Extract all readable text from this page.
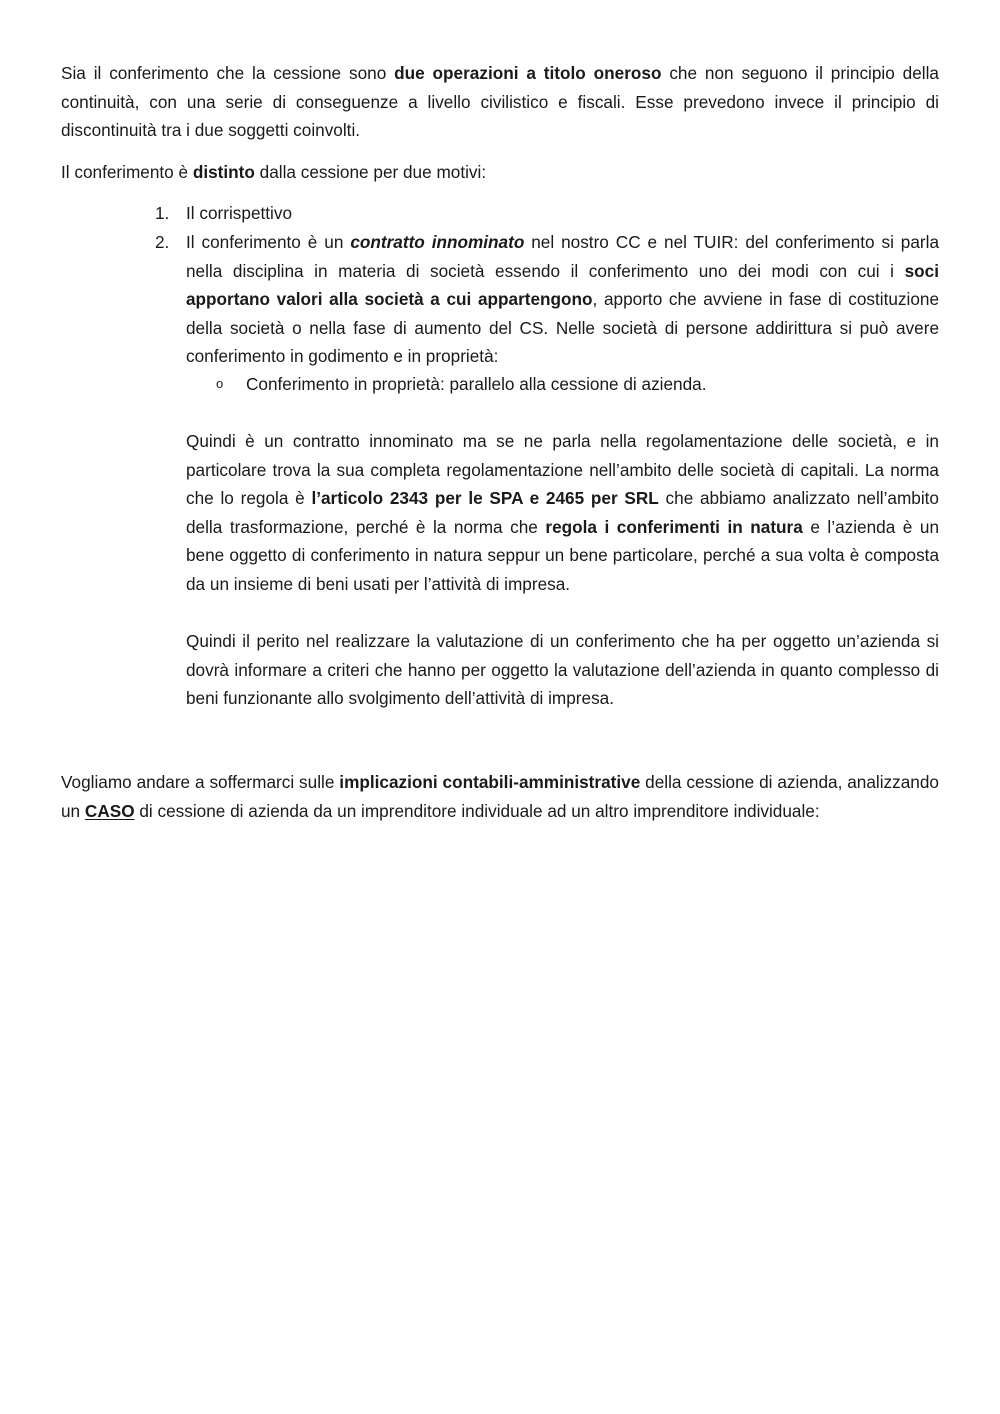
Sia il conferimento che la cessione sono due operazioni a titolo oneroso che non seguono il principio della continuità, con una serie di conseguenze a livello civilistico e fiscali. Esse prevedono invece il principio di discontinuità tra i due soggetti coinvolti.

Il conferimento è distinto dalla cessione per due motivi:

1. Il corrispettivo

2. Il conferimento è un contratto innominato nel nostro CC e nel TUIR: del conferimento si parla nella disciplina in materia di società essendo il conferimento uno dei modi con cui i soci apportano valori alla società a cui appartengono, apporto che avviene in fase di costituzione della società o nella fase di aumento del CS. Nelle società di persone addirittura si può avere conferimento in godimento e in proprietà:

o Conferimento in proprietà: parallelo alla cessione di azienda.

Quindi è un contratto innominato ma se ne parla nella regolamentazione delle società, e in particolare trova la sua completa regolamentazione nell’ambito delle società di capitali. La norma che lo regola è l’articolo 2343 per le SPA e 2465 per SRL che abbiamo analizzato nell’ambito della trasformazione, perché è la norma che regola i conferimenti in natura e l’azienda è un bene oggetto di conferimento in natura seppur un bene particolare, perché a sua volta è composta da un insieme di beni usati per l’attività di impresa.

Quindi il perito nel realizzare la valutazione di un conferimento che ha per oggetto un’azienda si dovrà informare a criteri che hanno per oggetto la valutazione dell’azienda in quanto complesso di beni funzionante allo svolgimento dell’attività di impresa.

Vogliamo andare a soffermarci sulle implicazioni contabili-amministrative della cessione di azienda, analizzando un CASO di cessione di azienda da un imprenditore individuale ad un altro imprenditore individuale:
